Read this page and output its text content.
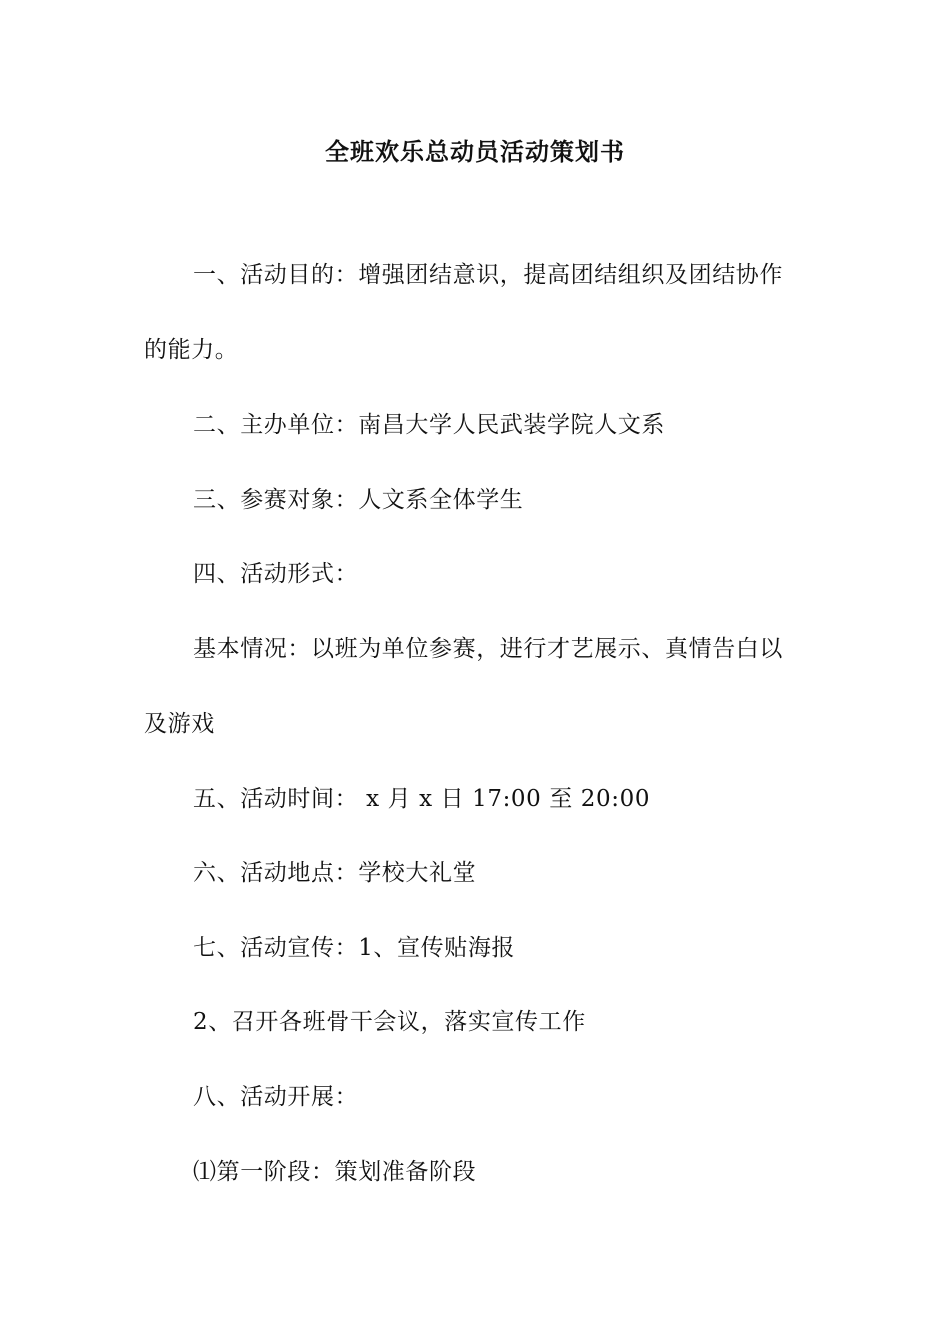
全班欢乐总动员活动策划书

一、活动目的：增强团结意识，提高团结组织及团结协作

的能力。

二、主办单位：南昌大学人民武装学院人文系

三、参赛对象：人文系全体学生

四、活动形式：

基本情况：以班为单位参赛，进行才艺展示、真情告白以

及游戏

五、活动时间： x 月 x 日 17:00 至 20:00

六、活动地点：学校大礼堂

七、活动宣传：1、宣传贴海报

2、召开各班骨干会议，落实宣传工作

八、活动开展：

⑴第一阶段：策划准备阶段
